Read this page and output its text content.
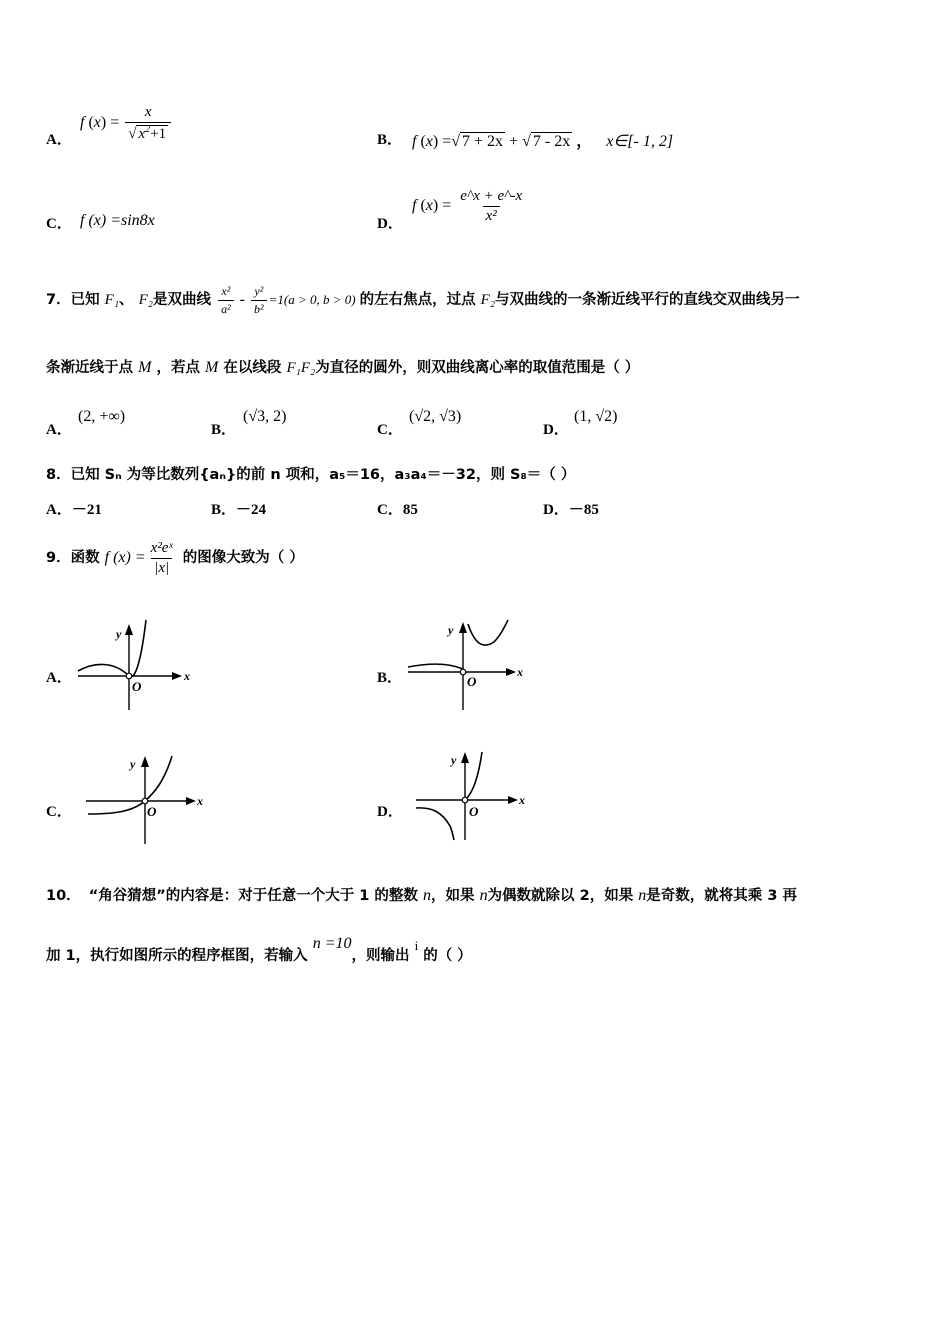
A．
f $(x) = \frac{x}{√ x^2+1}$	B． f (x) =√ 7 + 2x + √ 7 - 2x ， x∈[- 1, 2]
C． f (x) =sin8x	D．
f $(x) = \frac{e\^{}x + e\^{}-x}{\text{x²}}$
7．已知 F₁、 F₂是双曲线 $\frac{\text{x²}}{\text{a²}} - \frac{\text{y²}}{\text{b²}} =1(a > 0$, b > 0) 的左右焦点，过点 F₂与双曲线的一条渐近线平行的直线交双曲线另一
条渐近线于点 M ，若点 M 在以线段 F₁F₂为直径的圆外，则双曲线离心率的取值范围是（ ）
A．
(2, +∞)
B．
(√3, 2)
C．
(√2, √3)
D．
(1, √2)
8．已知 Sₙ 为等比数列{aₙ}的前 n 项和，a₅＝16，a₃a₄＝－32，则 S₈＝（ ）
A．－21	B．－24	C．85	D．－85
9．函数 f $(x) = \frac{\text{x²eˣ}}{|x|}$ 的图像大致为（ ）
A．
y
x
O
B．
y
x
O
C．
y
x
O	D．
y
x
O
10． “角谷猜想”的内容是：对于任意一个大于 1 的整数 n，如果 n为偶数就除以 2，如果 n是奇数，就将其乘 3 再
加 1，执行如图所示的程序框图，若输入 n =10，则输出 i 的（ ）
